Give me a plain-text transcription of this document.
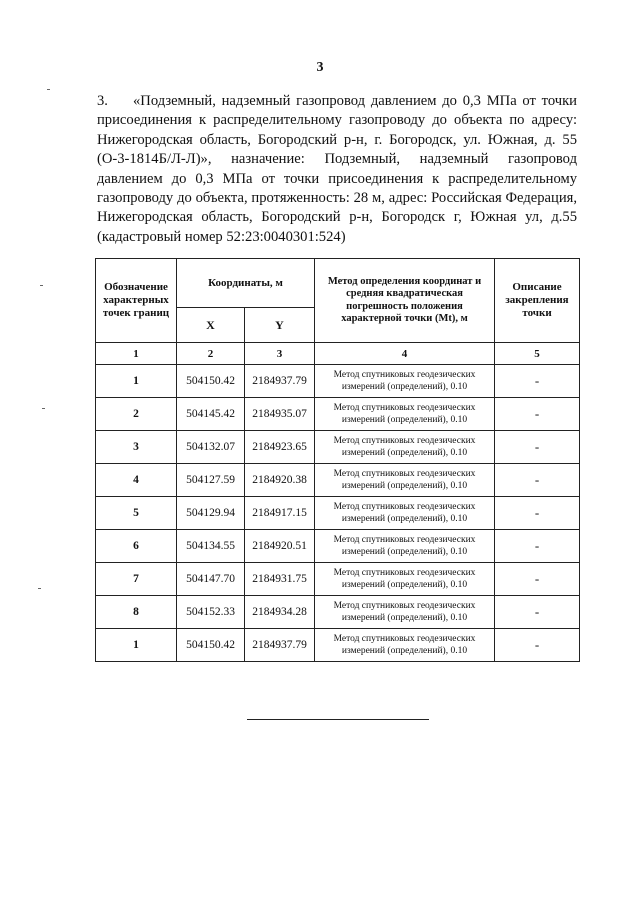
3
3. «Подземный, надземный газопровод давлением до 0,3 МПа от точки присоединения к распределительному газопроводу до объекта по адресу: Нижегородская область, Богородский р-н, г. Богородск, ул. Южная, д. 55 (О-3-1814Б/Л-Л)», назначение: Подземный, надземный газопровод давлением до 0,3 МПа от точки присоединения к распределительному газопроводу до объекта, протяженность: 28 м, адрес: Российская Федерация, Нижегородская область, Богородский р-н, Богородск г, Южная ул, д.55 (кадастровый номер 52:23:0040301:524)
Обозначение характерных точек границ	Координаты, м		Метод определения координат и средняя квадратическая погрешность положения характерной точки (Mt), м	Описание закрепления точки
	X	Y		
1	2	3	4	5
1	504150.42	2184937.79	Метод спутниковых геодезических измерений (определений), 0.10	-
2	504145.42	2184935.07	Метод спутниковых геодезических измерений (определений), 0.10	-
3	504132.07	2184923.65	Метод спутниковых геодезических измерений (определений), 0.10	-
4	504127.59	2184920.38	Метод спутниковых геодезических измерений (определений), 0.10	-
5	504129.94	2184917.15	Метод спутниковых геодезических измерений (определений), 0.10	-
6	504134.55	2184920.51	Метод спутниковых геодезических измерений (определений), 0.10	-
7	504147.70	2184931.75	Метод спутниковых геодезических измерений (определений), 0.10	-
8	504152.33	2184934.28	Метод спутниковых геодезических измерений (определений), 0.10	-
1	504150.42	2184937.79	Метод спутниковых геодезических измерений (определений), 0.10	-
